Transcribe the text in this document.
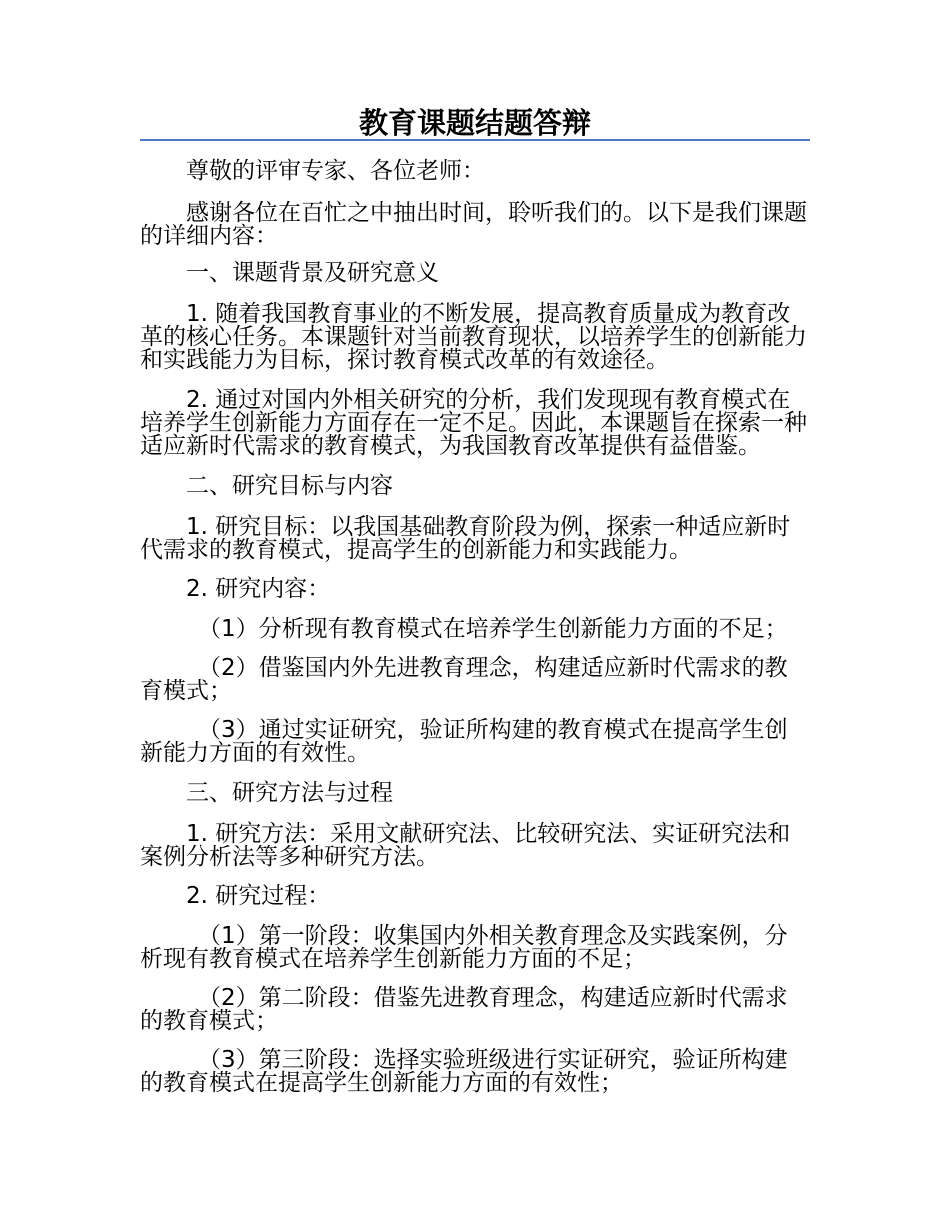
教育课题结题答辩

尊敬的评审专家、各位老师：

感谢各位在百忙之中抽出时间，聆听我们的。以下是我们课题的详细内容：

一、课题背景及研究意义

1. 随着我国教育事业的不断发展，提高教育质量成为教育改革的核心任务。本课题针对当前教育现状，以培养学生的创新能力和实践能力为目标，探讨教育模式改革的有效途径。

2. 通过对国内外相关研究的分析，我们发现现有教育模式在培养学生创新能力方面存在一定不足。因此，本课题旨在探索一种适应新时代需求的教育模式，为我国教育改革提供有益借鉴。

二、研究目标与内容

1. 研究目标：以我国基础教育阶段为例，探索一种适应新时代需求的教育模式，提高学生的创新能力和实践能力。

2. 研究内容：

（1）分析现有教育模式在培养学生创新能力方面的不足；

（2）借鉴国内外先进教育理念，构建适应新时代需求的教育模式；

（3）通过实证研究，验证所构建的教育模式在提高学生创新能力方面的有效性。

三、研究方法与过程

1. 研究方法：采用文献研究法、比较研究法、实证研究法和案例分析法等多种研究方法。

2. 研究过程：

（1）第一阶段：收集国内外相关教育理念及实践案例，分析现有教育模式在培养学生创新能力方面的不足；

（2）第二阶段：借鉴先进教育理念，构建适应新时代需求的教育模式；

（3）第三阶段：选择实验班级进行实证研究，验证所构建的教育模式在提高学生创新能力方面的有效性；
